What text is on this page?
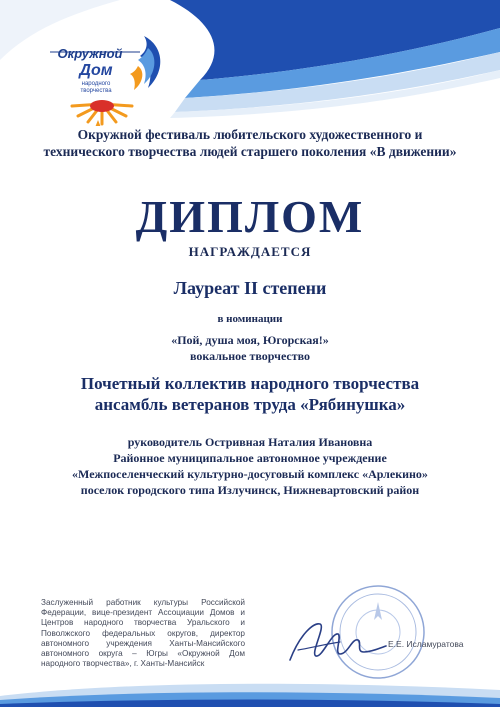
Окружной
Дом
народного творчества
Окружной фестиваль любительского художественного и технического творчества людей старшего поколения «В движении»
ДИПЛОМ
НАГРАЖДАЕТСЯ
Лауреат II степени
в номинации
«Пой, душа моя, Югорская!»
вокальное творчество
Почетный коллектив народного творчества ансамбль ветеранов труда «Рябинушка»
руководитель Остривная Наталия Ивановна
Районное муниципальное автономное учреждение
«Межпоселенческий культурно-досуговый комплекс «Арлекино»
поселок городского типа Излучинск, Нижневартовский район
Заслуженный работник культуры Российской Федерации, вице-президент Ассоциации Домов и Центров народного творчества Уральского и Поволжского федеральных округов, директор автономного учреждения Ханты-Мансийского автономного округа – Югры «Окружной Дом народного творчества», г. Ханты-Мансийск
Е.Е. Исламуратова
